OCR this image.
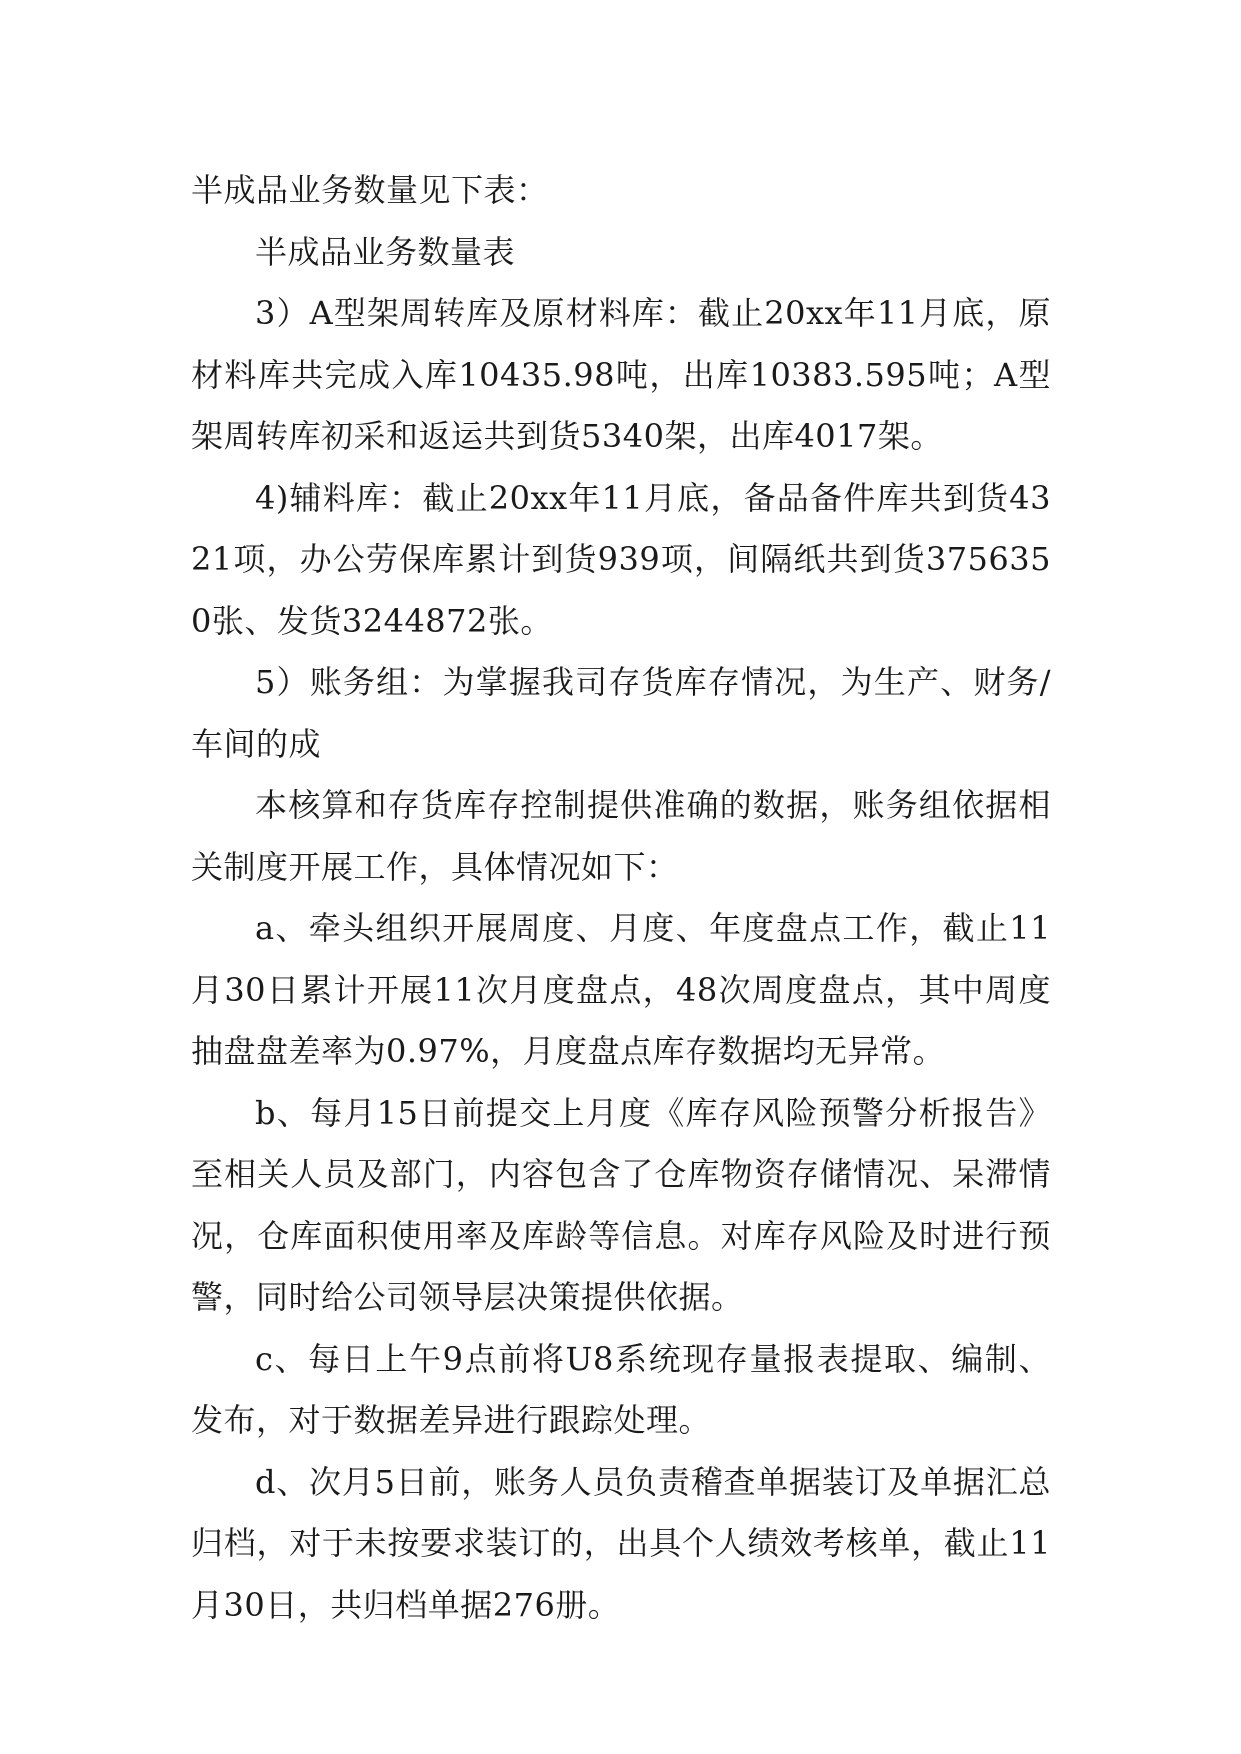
半成品业务数量见下表：

半成品业务数量表

3）A型架周转库及原材料库：截止20xx年11月底，原材料库共完成入库10435.98吨，出库10383.595吨；A型架周转库初采和返运共到货5340架，出库4017架。

4)辅料库：截止20xx年11月底，备品备件库共到货4321项，办公劳保库累计到货939项，间隔纸共到货3756350张、发货3244872张。

5）账务组：为掌握我司存货库存情况，为生产、财务/车间的成

本核算和存货库存控制提供准确的数据，账务组依据相关制度开展工作，具体情况如下：

a、牵头组织开展周度、月度、年度盘点工作，截止11月30日累计开展11次月度盘点，48次周度盘点，其中周度抽盘盘差率为0.97%，月度盘点库存数据均无异常。

b、每月15日前提交上月度《库存风险预警分析报告》至相关人员及部门，内容包含了仓库物资存储情况、呆滞情况，仓库面积使用率及库龄等信息。对库存风险及时进行预警，同时给公司领导层决策提供依据。

c、每日上午9点前将U8系统现存量报表提取、编制、发布，对于数据差异进行跟踪处理。

d、次月5日前，账务人员负责稽查单据装订及单据汇总归档，对于未按要求装订的，出具个人绩效考核单，截止11月30日，共归档单据276册。
